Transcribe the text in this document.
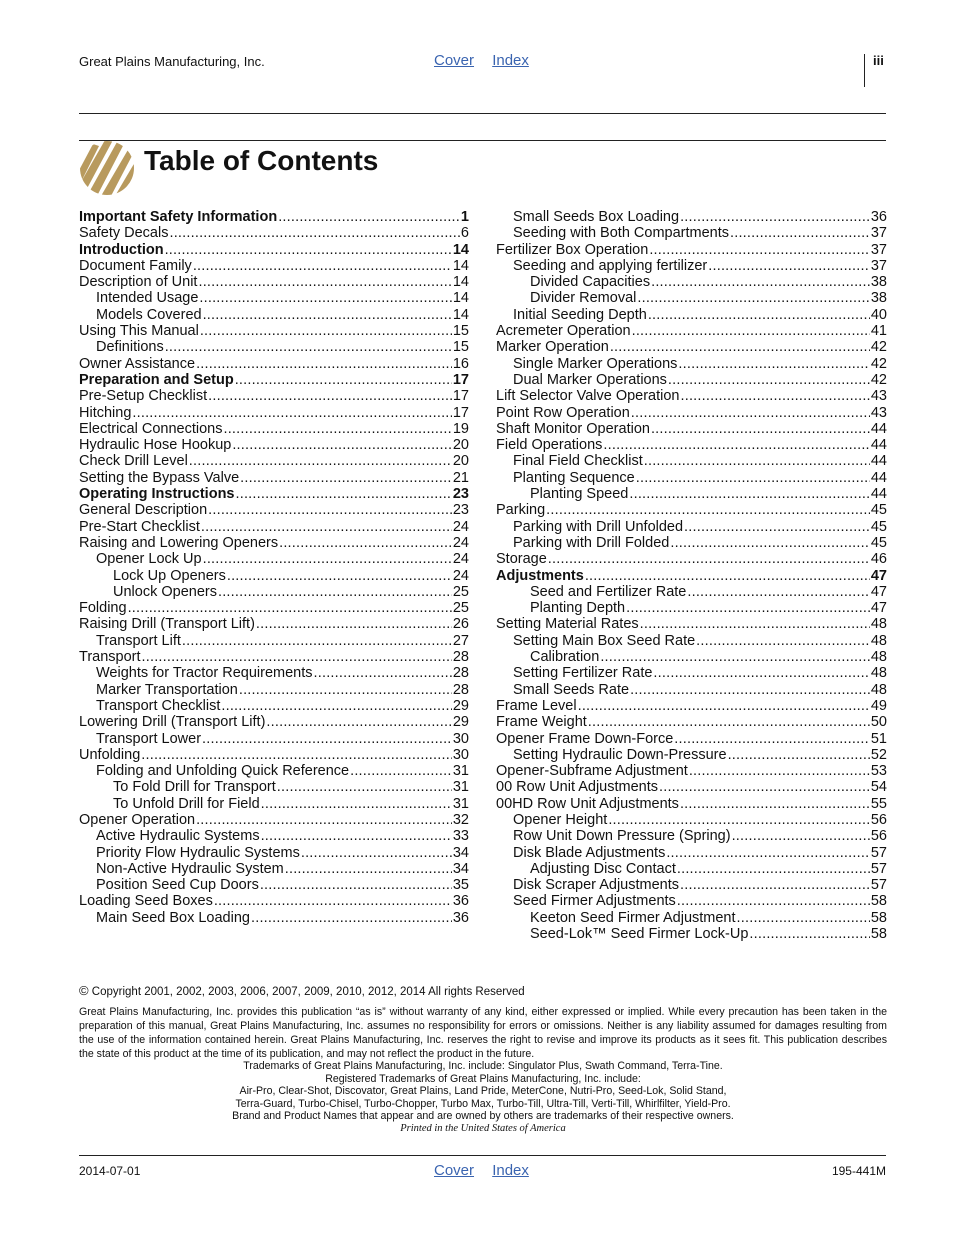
Great Plains Manufacturing, Inc.	Cover Index	iii
Table of Contents
Important Safety Information .....	1
Safety Decals .....	6
Introduction .....	14
Document Family .....	14
Description of Unit .....	14
Intended Usage .....	14
Models Covered .....	14
Using This Manual .....	15
Definitions .....	15
Owner Assistance .....	16
Preparation and Setup .....	17
Pre-Setup Checklist .....	17
Hitching .....	17
Electrical Connections .....	19
Hydraulic Hose Hookup .....	20
Check Drill Level .....	20
Setting the Bypass Valve .....	21
Operating Instructions .....	23
General Description .....	23
Pre-Start Checklist .....	24
Raising and Lowering Openers .....	24
Opener Lock Up .....	24
Lock Up Openers .....	24
Unlock Openers .....	25
Folding .....	25
Raising Drill (Transport Lift) .....	26
Transport Lift .....	27
Transport .....	28
Weights for Tractor Requirements .....	28
Marker Transportation .....	28
Transport Checklist .....	29
Lowering Drill (Transport Lift) .....	29
Transport Lower .....	30
Unfolding .....	30
Folding and Unfolding Quick Reference .....	31
To Fold Drill for Transport .....	31
To Unfold Drill for Field .....	31
Opener Operation .....	32
Active Hydraulic Systems .....	33
Priority Flow Hydraulic Systems .....	34
Non-Active Hydraulic System .....	34
Position Seed Cup Doors .....	35
Loading Seed Boxes .....	36
Main Seed Box Loading .....	36
Small Seeds Box Loading .....	36
Seeding with Both Compartments .....	37
Fertilizer Box Operation .....	37
Seeding and applying fertilizer .....	37
Divided Capacities .....	38
Divider Removal .....	38
Initial Seeding Depth .....	40
Acremeter Operation .....	41
Marker Operation .....	42
Single Marker Operations .....	42
Dual Marker Operations .....	42
Lift Selector Valve Operation .....	43
Point Row Operation .....	43
Shaft Monitor Operation .....	44
Field Operations .....	44
Final Field Checklist .....	44
Planting Sequence .....	44
Planting Speed .....	44
Parking .....	45
Parking with Drill Unfolded .....	45
Parking with Drill Folded .....	45
Storage .....	46
Adjustments .....	47
Seed and Fertilizer Rate .....	47
Planting Depth .....	47
Setting Material Rates .....	48
Setting Main Box Seed Rate .....	48
Calibration .....	48
Setting Fertilizer Rate .....	48
Small Seeds Rate .....	48
Frame Level .....	49
Frame Weight .....	50
Opener Frame Down-Force .....	51
Setting Hydraulic Down-Pressure .....	52
Opener-Subframe Adjustment .....	53
00 Row Unit Adjustments .....	54
00HD Row Unit Adjustments .....	55
Opener Height .....	56
Row Unit Down Pressure (Spring) .....	56
Disk Blade Adjustments .....	57
Adjusting Disc Contact .....	57
Disk Scraper Adjustments .....	57
Seed Firmer Adjustments .....	58
Keeton Seed Firmer Adjustment .....	58
Seed-Lok™ Seed Firmer Lock-Up .....	58
© Copyright 2001, 2002, 2003, 2006, 2007, 2009, 2010, 2012, 2014 All rights Reserved

Great Plains Manufacturing, Inc. provides this publication “as is” without warranty of any kind, either expressed or implied. While every precaution has been taken in the preparation of this manual, Great Plains Manufacturing, Inc. assumes no responsibility for errors or omissions. Neither is any liability assumed for damages resulting from the use of the information contained herein. Great Plains Manufacturing, Inc. reserves the right to revise and improve its products as it sees fit. This publication describes the state of this product at the time of its publication, and may not reflect the product in the future.

Trademarks of Great Plains Manufacturing, Inc. include: Singulator Plus, Swath Command, Terra-Tine.
Registered Trademarks of Great Plains Manufacturing, Inc. include:
Air-Pro, Clear-Shot, Discovator, Great Plains, Land Pride, MeterCone, Nutri-Pro, Seed-Lok, Solid Stand,
Terra-Guard, Turbo-Chisel, Turbo-Chopper, Turbo Max, Turbo-Till, Ultra-Till, Verti-Till, Whirlfilter, Yield-Pro.
Brand and Product Names that appear and are owned by others are trademarks of their respective owners.
Printed in the United States of America
2014-07-01	Cover Index	195-441M
